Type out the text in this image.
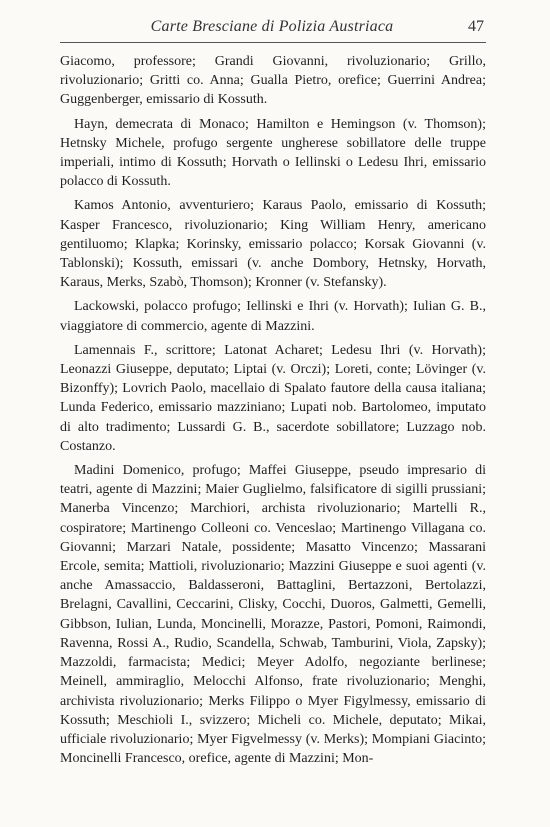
Carte Bresciane di Polizia Austriaca	47

Giacomo, professore; Grandi Giovanni, rivoluzionario; Grillo, rivoluzionario; Gritti co. Anna; Gualla Pietro, orefice; Guerrini Andrea; Guggenberger, emissario di Kossuth.

Hayn, demecrata di Monaco; Hamilton e Hemingson (v. Thomson); Hetnsky Michele, profugo sergente ungherese sobillatore delle truppe imperiali, intimo di Kossuth; Horvath o Iellinski o Ledesu Ihri, emissario polacco di Kossuth.

Kamos Antonio, avventuriero; Karaus Paolo, emissario di Kossuth; Kasper Francesco, rivoluzionario; King William Henry, americano gentiluomo; Klapka; Korinsky, emissario polacco; Korsak Giovanni (v. Tablonski); Kossuth, emissari (v. anche Dombory, Hetnsky, Horvath, Karaus, Merks, Szabò, Thomson); Kronner (v. Stefansky).

Lackowski, polacco profugo; Iellinski e Ihri (v. Horvath); Iulian G. B., viaggiatore di commercio, agente di Mazzini.

Lamennais F., scrittore; Latonat Acharet; Ledesu Ihri (v. Horvath); Leonazzi Giuseppe, deputato; Liptai (v. Orczi); Loreti, conte; Lövinger (v. Bizonffy); Lovrich Paolo, macellaio di Spalato fautore della causa italiana; Lunda Federico, emissario mazziniano; Lupati nob. Bartolomeo, imputato di alto tradimento; Lussardi G. B., sacerdote sobillatore; Luzzago nob. Costanzo.

Madini Domenico, profugo; Maffei Giuseppe, pseudo impresario di teatri, agente di Mazzini; Maier Guglielmo, falsificatore di sigilli prussiani; Manerba Vincenzo; Marchiori, archista rivoluzionario; Martelli R., cospiratore; Martinengo Colleoni co. Venceslao; Martinengo Villagana co. Giovanni; Marzari Natale, possidente; Masatto Vincenzo; Massarani Ercole, semita; Mattioli, rivoluzionario; Mazzini Giuseppe e suoi agenti (v. anche Amassaccio, Baldasseroni, Battaglini, Bertazzoni, Bertolazzi, Brelagni, Cavallini, Ceccarini, Clisky, Cocchi, Duoros, Galmetti, Gemelli, Gibbson, Iulian, Lunda, Moncinelli, Morazze, Pastori, Pomoni, Raimondi, Ravenna, Rossi A., Rudio, Scandella, Schwab, Tamburini, Viola, Zapsky); Mazzoldi, farmacista; Medici; Meyer Adolfo, negoziante berlinese; Meinell, ammiraglio, Melocchi Alfonso, frate rivoluzionario; Menghi, archivista rivoluzionario; Merks Filippo o Myer Figylmessy, emissario di Kossuth; Meschioli I., svizzero; Micheli co. Michele, deputato; Mikai, ufficiale rivoluzionario; Myer Figvelmessy (v. Merks); Mompiani Giacinto; Moncinelli Francesco, orefice, agente di Mazzini; Mon-
